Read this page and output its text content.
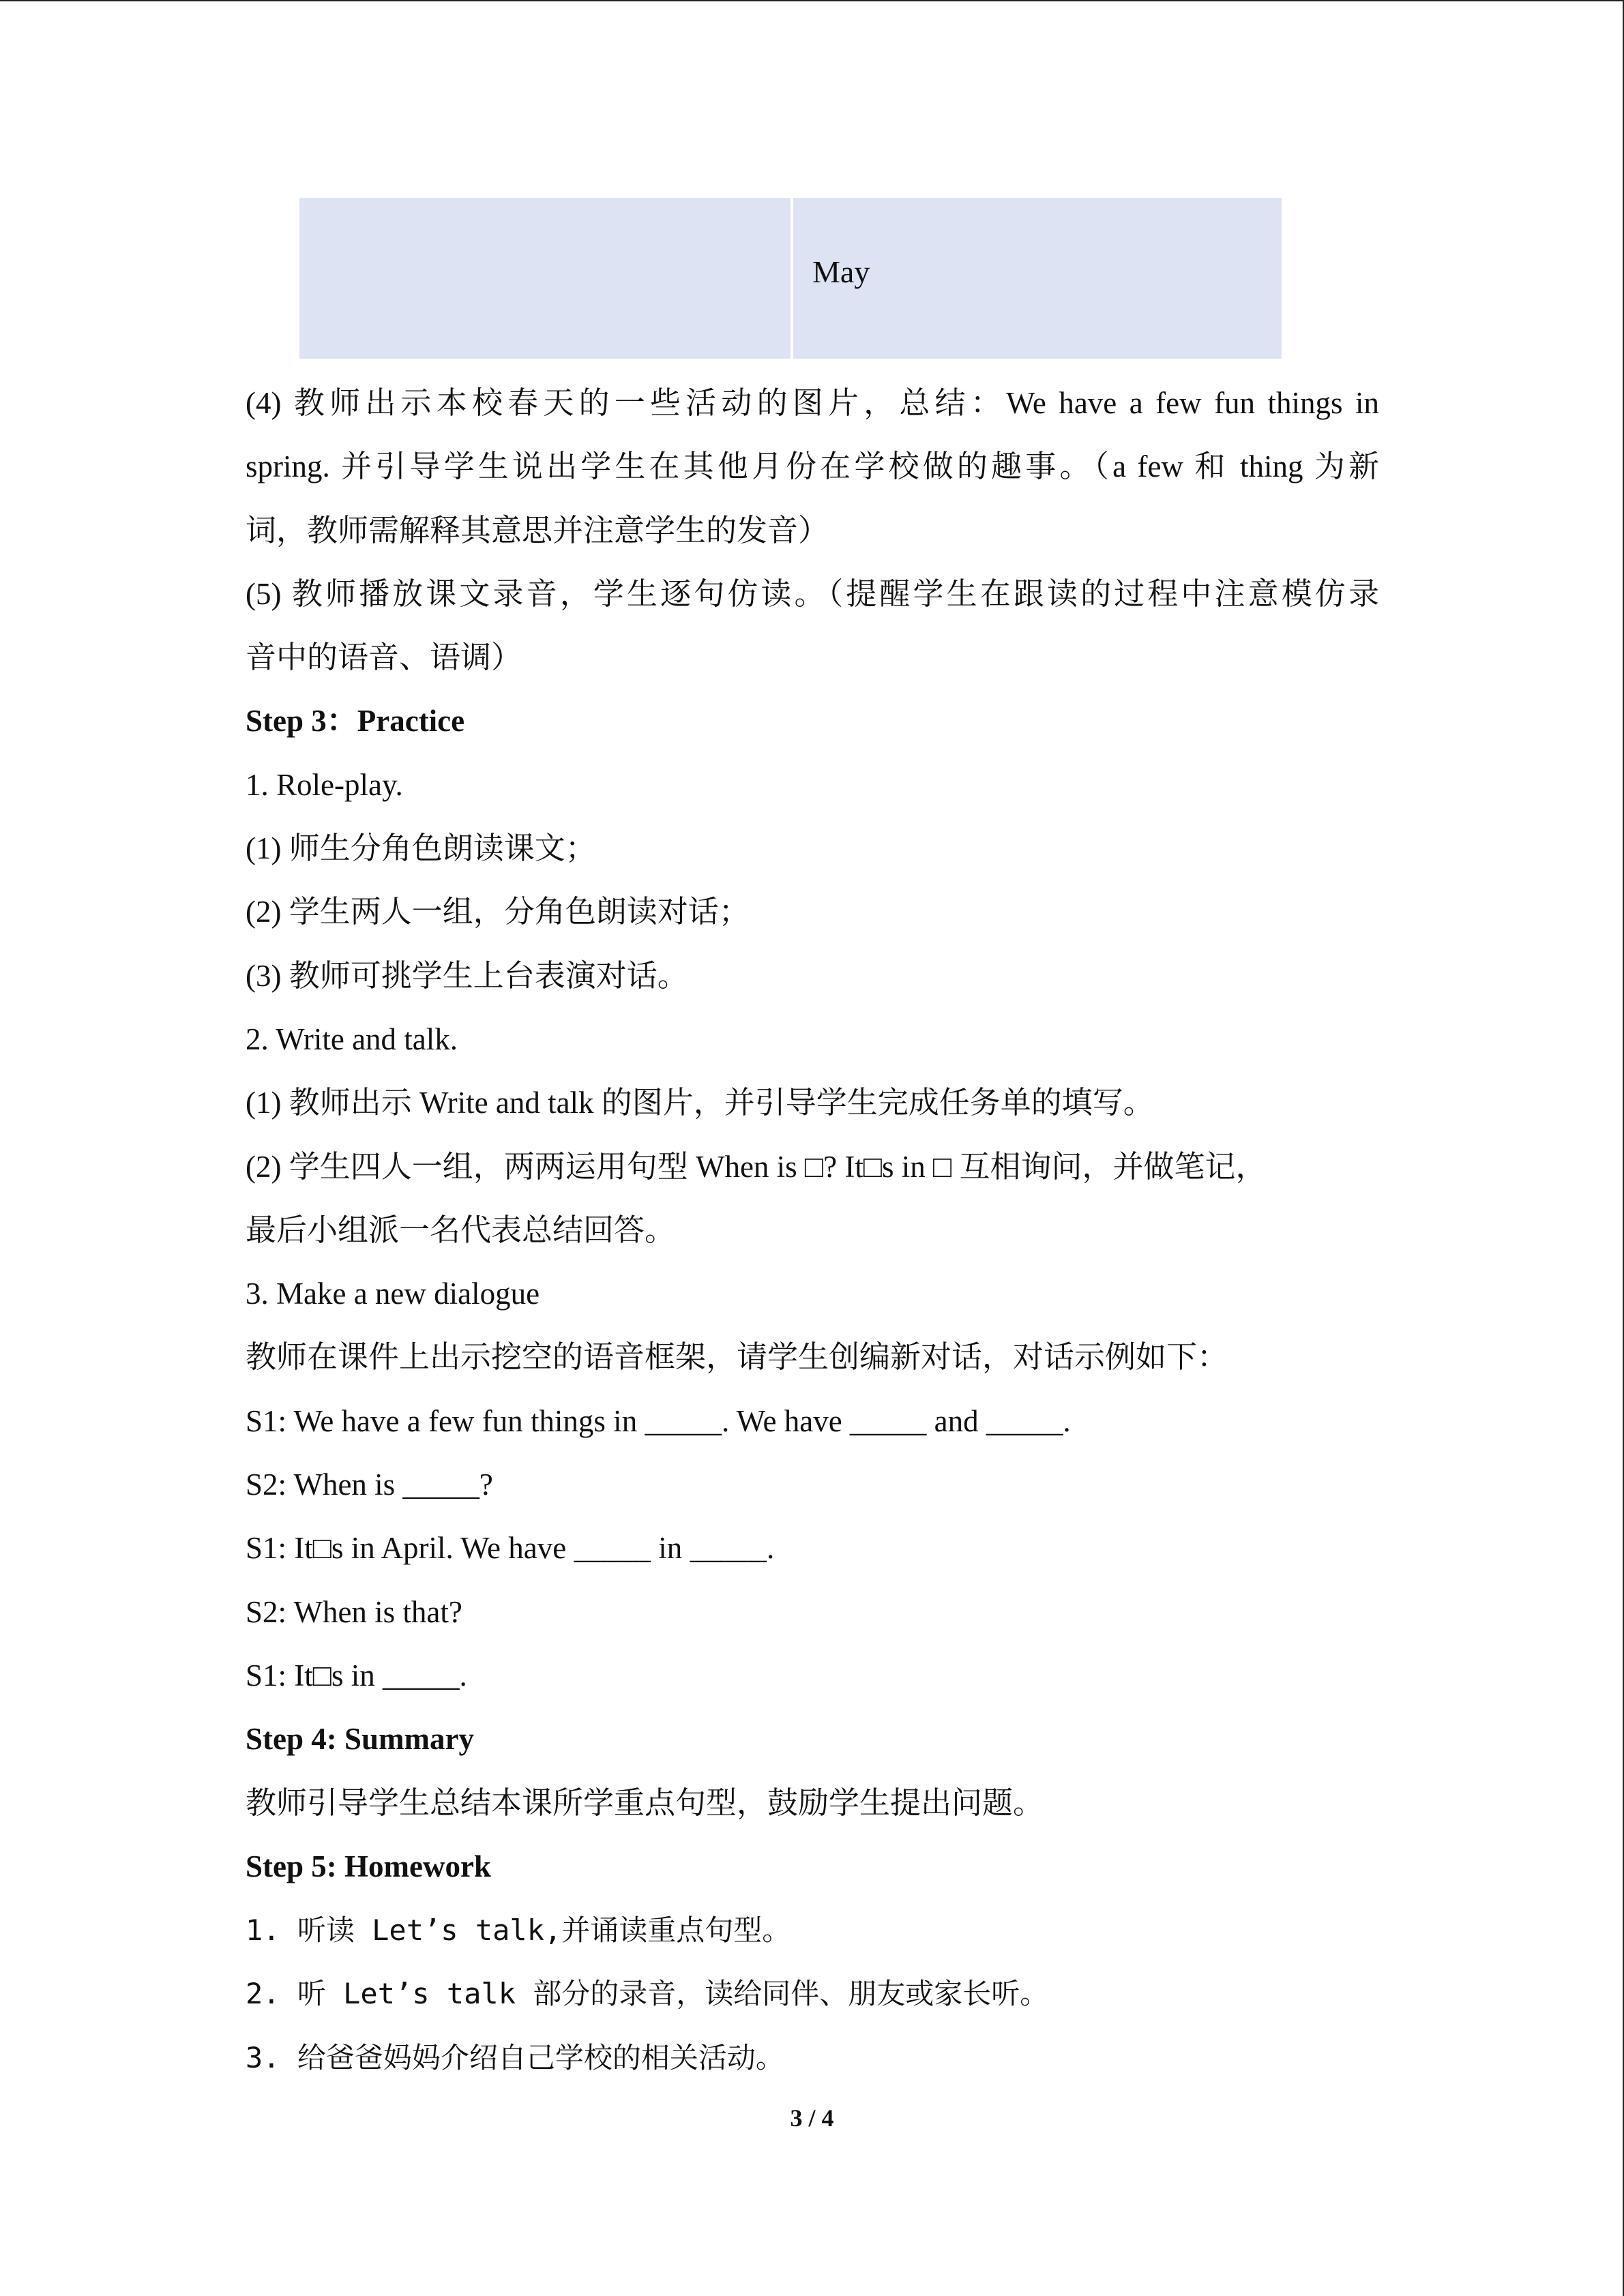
May
(4) 教师出示本校春天的一些活动的图片，总结：We have a few fun things in
spring. 并引导学生说出学生在其他月份在学校做的趣事。（a few 和 thing 为新
词，教师需解释其意思并注意学生的发音）
(5) 教师播放课文录音，学生逐句仿读。（提醒学生在跟读的过程中注意模仿录
音中的语音、语调）
Step 3：Practice
1. Role-play.
(1) 师生分角色朗读课文；
(2) 学生两人一组，分角色朗读对话；
(3) 教师可挑学生上台表演对话。
2. Write and talk.
(1) 教师出示 Write and talk 的图片，并引导学生完成任务单的填写。
(2) 学生四人一组，两两运用句型 When is □? It□s in □ 互相询问，并做笔记，
最后小组派一名代表总结回答。
3. Make a new dialogue
教师在课件上出示挖空的语音框架，请学生创编新对话，对话示例如下：
S1: We have a few fun things in _____. We have _____ and _____.
S2: When is _____?
S1: It□s in April. We have _____ in _____.
S2: When is that?
S1: It□s in _____.
Step 4: Summary
教师引导学生总结本课所学重点句型，鼓励学生提出问题。
Step 5: Homework
1. 听读 Let’s talk,并诵读重点句型。
2. 听 Let’s talk 部分的录音，读给同伴、朋友或家长听。
3. 给爸爸妈妈介绍自己学校的相关活动。
3 / 4
